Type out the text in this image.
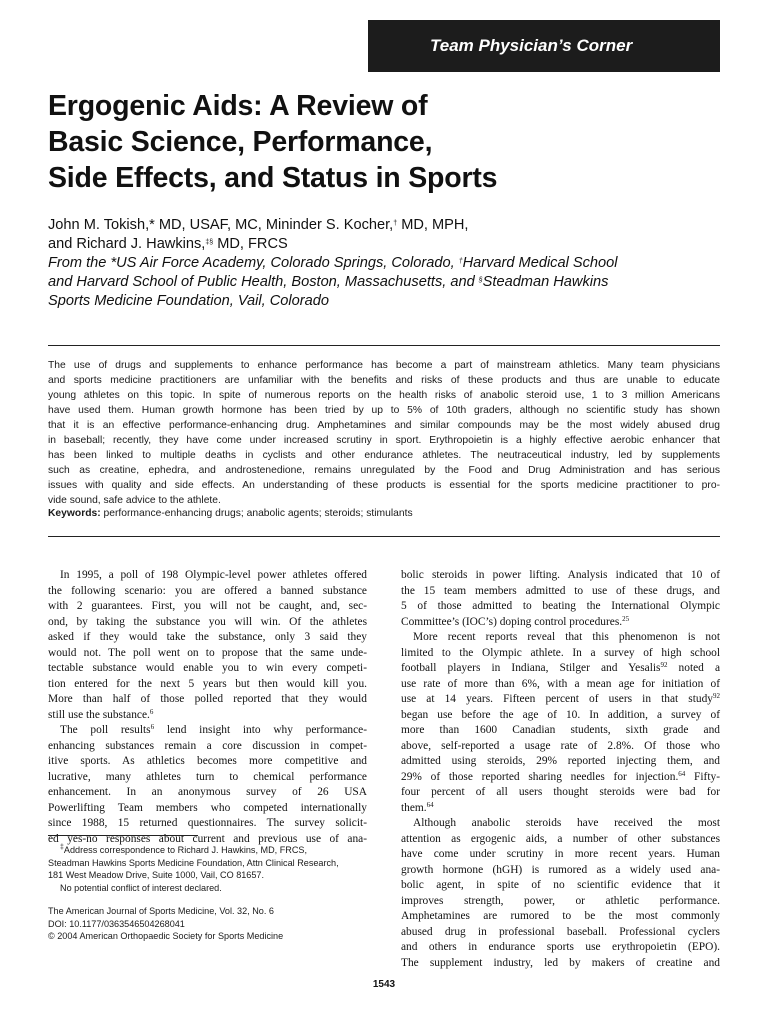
Team Physician’s Corner
Ergogenic Aids: A Review of
Basic Science, Performance,
Side Effects, and Status in Sports
John M. Tokish,* MD, USAF, MC, Mininder S. Kocher,† MD, MPH,
and Richard J. Hawkins,‡§ MD, FRCS
From the *US Air Force Academy, Colorado Springs, Colorado, †Harvard Medical School
and Harvard School of Public Health, Boston, Massachusetts, and §Steadman Hawkins
Sports Medicine Foundation, Vail, Colorado

The use of drugs and supplements to enhance performance has become a part of mainstream athletics. Many team physicians
and sports medicine practitioners are unfamiliar with the benefits and risks of these products and thus are unable to educate
young athletes on this topic. In spite of numerous reports on the health risks of anabolic steroid use, 1 to 3 million Americans
have used them. Human growth hormone has been tried by up to 5% of 10th graders, although no scientific study has shown
that it is an effective performance-enhancing drug. Amphetamines and similar compounds may be the most widely abused drug
in baseball; recently, they have come under increased scrutiny in sport. Erythropoietin is a highly effective aerobic enhancer that
has been linked to multiple deaths in cyclists and other endurance athletes. The neutraceutical industry, led by supplements
such as creatine, ephedra, and androstenedione, remains unregulated by the Food and Drug Administration and has serious
issues with quality and side effects. An understanding of these products is essential for the sports medicine practitioner to pro-
vide sound, safe advice to the athlete.

Keywords: performance-enhancing drugs; anabolic agents; steroids; stimulants
In 1995, a poll of 198 Olympic-level power athletes offered
the following scenario: you are offered a banned substance
with 2 guarantees. First, you will not be caught, and, sec-
ond, by taking the substance you will win. Of the athletes
asked if they would take the substance, only 3 said they
would not. The poll went on to propose that the same unde-
tectable substance would enable you to win every competi-
tion entered for the next 5 years but then would kill you.
More than half of those polled reported that they would
still use the substance.$^6$
The poll results$^6$ lend insight into why performance-
enhancing substances remain a core discussion in compet-
itive sports. As athletics becomes more competitive and
lucrative, many athletes turn to chemical performance
enhancement. In an anonymous survey of 26 USA
Powerlifting Team members who competed internationally
since 1988, 15 returned questionnaires. The survey solicit-
ed yes-no responses about current and previous use of ana-
bolic steroids in power lifting. Analysis indicated that 10 of
the 15 team members admitted to use of these drugs, and
5 of those admitted to beating the International Olympic
Committee’s (IOC’s) doping control procedures.$^{25}$
More recent reports reveal that this phenomenon is not
limited to the Olympic athlete. In a survey of high school
football players in Indiana, Stilger and Yesalis$^{92}$ noted a
use rate of more than 6%, with a mean age for initiation of
use at 14 years. Fifteen percent of users in that study$^{92}$
began use before the age of 10. In addition, a survey of
more than 1600 Canadian students, sixth grade and
above, self-reported a usage rate of 2.8%. Of those who
admitted using steroids, 29% reported injecting them, and
29% of those reported sharing needles for injection.$^{64}$ Fifty-
four percent of all users thought steroids were bad for
them.$^{64}$
Although anabolic steroids have received the most
attention as ergogenic aids, a number of other substances
have come under scrutiny in more recent years. Human
growth hormone (hGH) is rumored as a widely used ana-
bolic agent, in spite of no scientific evidence that it
improves strength, power, or athletic performance.
Amphetamines are rumored to be the most commonly
abused drug in professional baseball. Professional cyclers
and others in endurance sports use erythropoietin (EPO).
The supplement industry, led by makers of creatine and
‡Address correspondence to Richard J. Hawkins, MD, FRCS,
Steadman Hawkins Sports Medicine Foundation, Attn Clinical Research,
181 West Meadow Drive, Suite 1000, Vail, CO 81657.
No potential conflict of interest declared.
The American Journal of Sports Medicine, Vol. 32, No. 6
DOI: 10.1177/0363546504268041
© 2004 American Orthopaedic Society for Sports Medicine
1543
